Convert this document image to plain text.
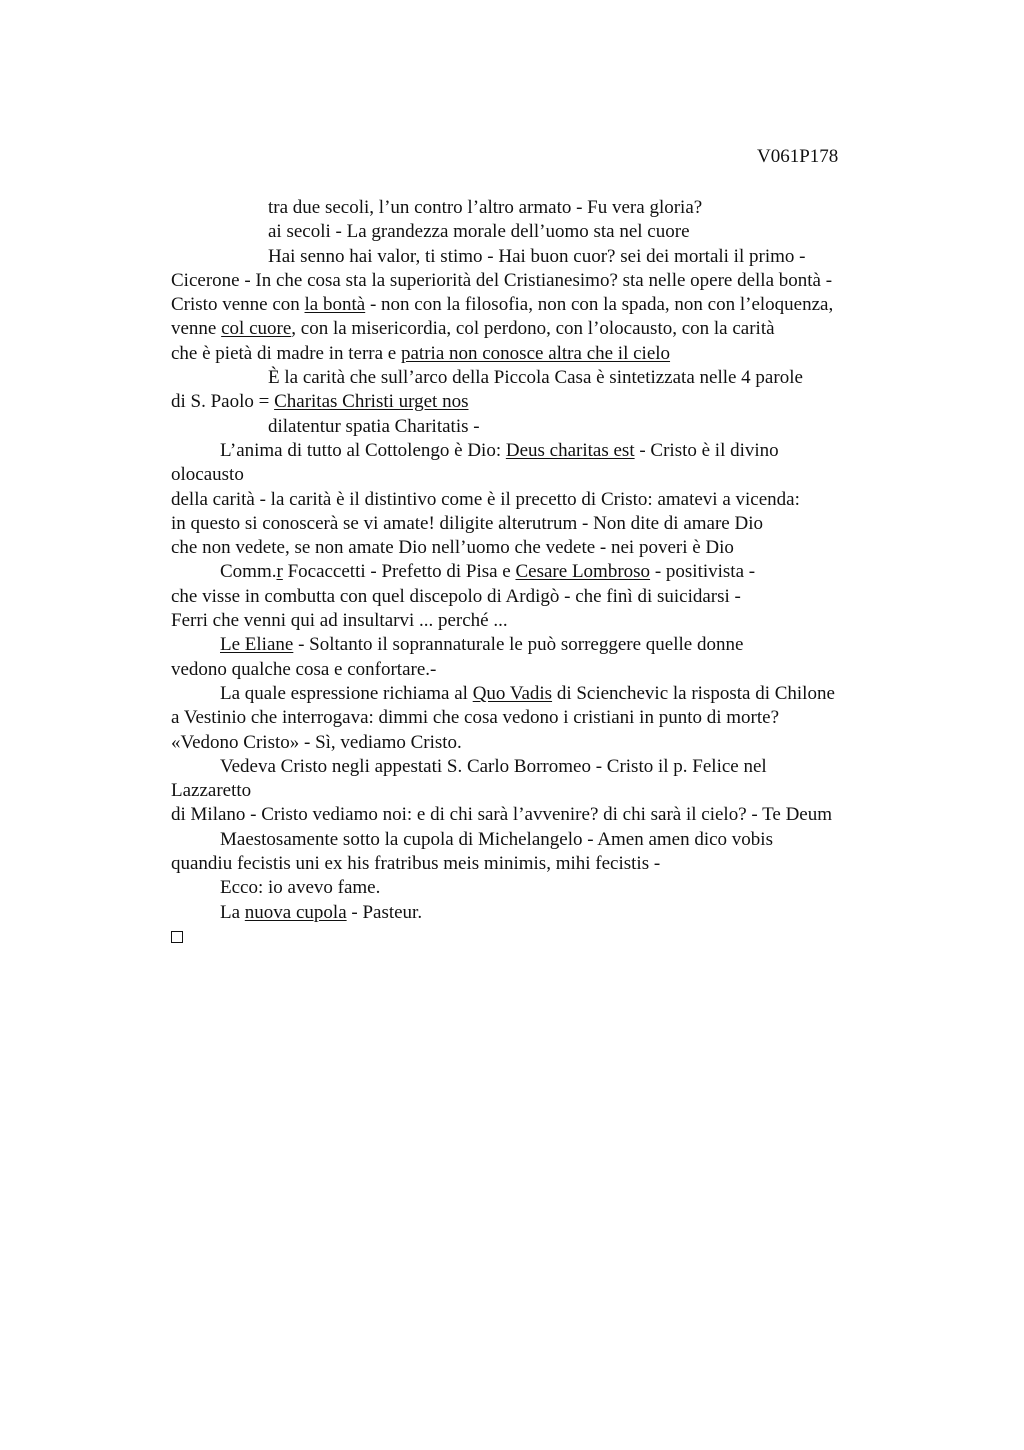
V061P178
tra due secoli, l’un contro l’altro armato - Fu vera gloria?
ai secoli - La grandezza morale dell’uomo sta nel cuore
Hai senno hai valor, ti stimo - Hai buon cuor? sei dei mortali il primo -
Cicerone - In che cosa sta la superiorità del Cristianesimo? sta nelle opere della bontà -
Cristo venne con la bontà - non con la filosofia, non con la spada, non con l’eloquenza,
venne col cuore, con la misericordia, col perdono, con l’olocausto, con la carità
che è pietà di madre in terra e patria non conosce altra che il cielo
È la carità che sull’arco della Piccola Casa è sintetizzata nelle 4 parole
di S. Paolo = Charitas Christi urget nos
dilatentur spatia Charitatis -
L’anima di tutto al Cottolengo è Dio: Deus charitas est - Cristo è il divino
olocausto
della carità - la carità è il distintivo come è il precetto di Cristo: amatevi a vicenda:
in questo si conoscerà se vi amate! diligite alterutrum - Non dite di amare Dio
che non vedete, se non amate Dio nell’uomo che vedete - nei poveri è Dio
Comm.r Focaccetti - Prefetto di Pisa e Cesare Lombroso - positivista -
che visse in combutta con quel discepolo di Ardigò - che finì di suicidarsi -
Ferri che venni qui ad insultarvi ... perché ...
Le Eliane - Soltanto il soprannaturale le può sorreggere quelle donne
vedono qualche cosa e confortare.-
La quale espressione richiama al Quo Vadis di Scienchevic la risposta di Chilone
a Vestinio che interrogava: dimmi che cosa vedono i cristiani in punto di morte?
«Vedono Cristo» - Sì, vediamo Cristo.
Vedeva Cristo negli appestati S. Carlo Borromeo - Cristo il p. Felice nel
Lazzaretto
di Milano - Cristo vediamo noi: e di chi sarà l’avvenire? di chi sarà il cielo? - Te Deum
Maestosamente sotto la cupola di Michelangelo - Amen amen dico vobis
quandiu fecistis uni ex his fratribus meis minimis, mihi fecistis -
Ecco: io avevo fame.
La nuova cupola - Pasteur.
